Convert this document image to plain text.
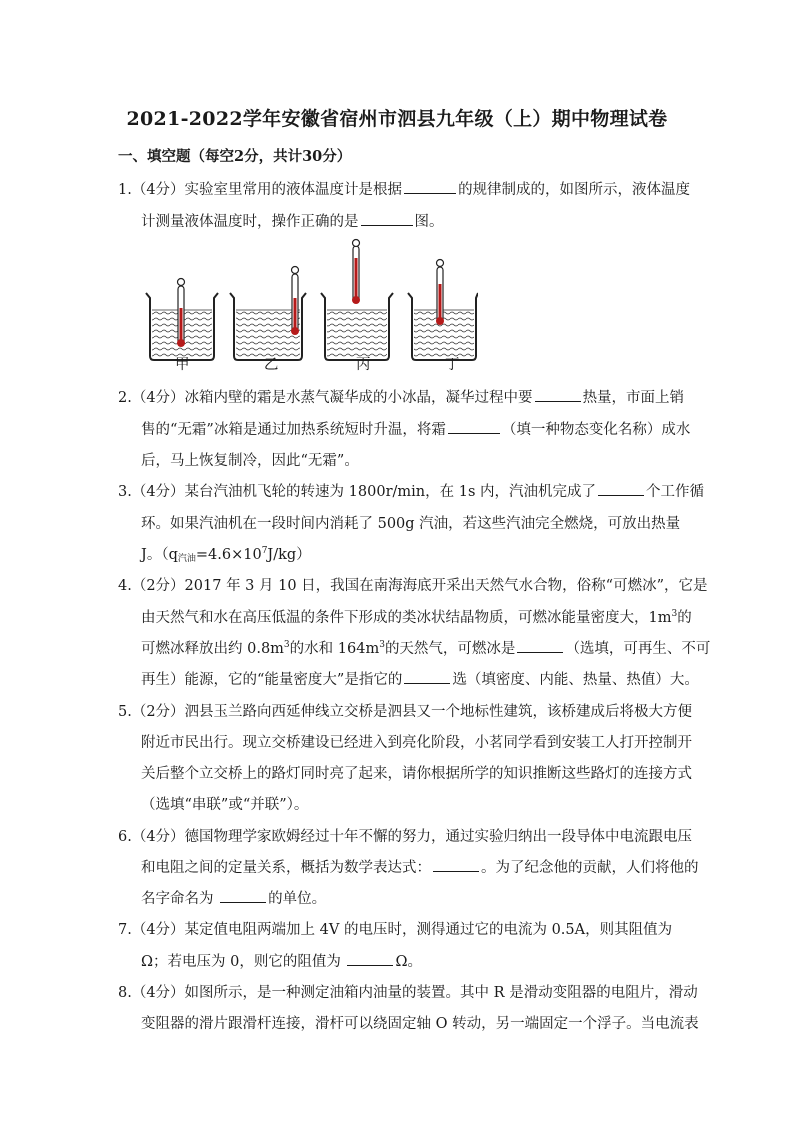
2021-2022学年安徽省宿州市泗县九年级（上）期中物理试卷
一、填空题（每空2分，共计30分）
1.（4分）实验室里常用的液体温度计是根据	的规律制成的，如图所示，液体温度
计测量液体温度时，操作正确的是	图。
甲	乙	丙	丁
2.（4分）冰箱内壁的霜是水蒸气凝华成的小冰晶，凝华过程中要	热量，市面上销
售的“无霜”冰箱是通过加热系统短时升温，将霜	（填一种物态变化名称）成水
后，马上恢复制冷，因此“无霜”。
3.（4分）某台汽油机飞轮的转速为 1800r/min，在 1s 内，汽油机完成了	个工作循
环。如果汽油机在一段时间内消耗了 500g 汽油，若这些汽油完全燃烧，可放出热量
J。$(q_{汽油}=4.6\times 10^7J/kg)$
4.（2分）2017 年 3 月 10 日，我国在南海海底开采出天然气水合物，俗称“可燃冰”，它是
由天然气和水在高压低温的条件下形成的类冰状结晶物质，可燃冰能量密度大，$1m^3$的
可燃冰释放出约 $0.8m^3$的水和 $164m^3$的天然气，可燃冰是	（选填，可再生、不可
再生）能源，它的“能量密度大”是指它的	选（填密度、内能、热量、热值）大。
5.（2分）泗县玉兰路向西延伸线立交桥是泗县又一个地标性建筑，该桥建成后将极大方便
附近市民出行。现立交桥建设已经进入到亮化阶段，小茗同学看到安装工人打开控制开
关后整个立交桥上的路灯同时亮了起来，请你根据所学的知识推断这些路灯的连接方式
（选填“串联”或“并联”）。
6.（4分）德国物理学家欧姆经过十年不懈的努力，通过实验归纳出一段导体中电流跟电压
和电阻之间的定量关系，概括为数学表达式：	。为了纪念他的贡献，人们将他的
名字命名为	的单位。
7.（4分）某定值电阻两端加上 4V 的电压时，测得通过它的电流为 0.5A，则其阻值为
Ω；若电压为 0，则它的阻值为	Ω。
8.（4分）如图所示，是一种测定油箱内油量的装置。其中 R 是滑动变阻器的电阻片，滑动
变阻器的滑片跟滑杆连接，滑杆可以绕固定轴 O 转动，另一端固定一个浮子。当电流表
